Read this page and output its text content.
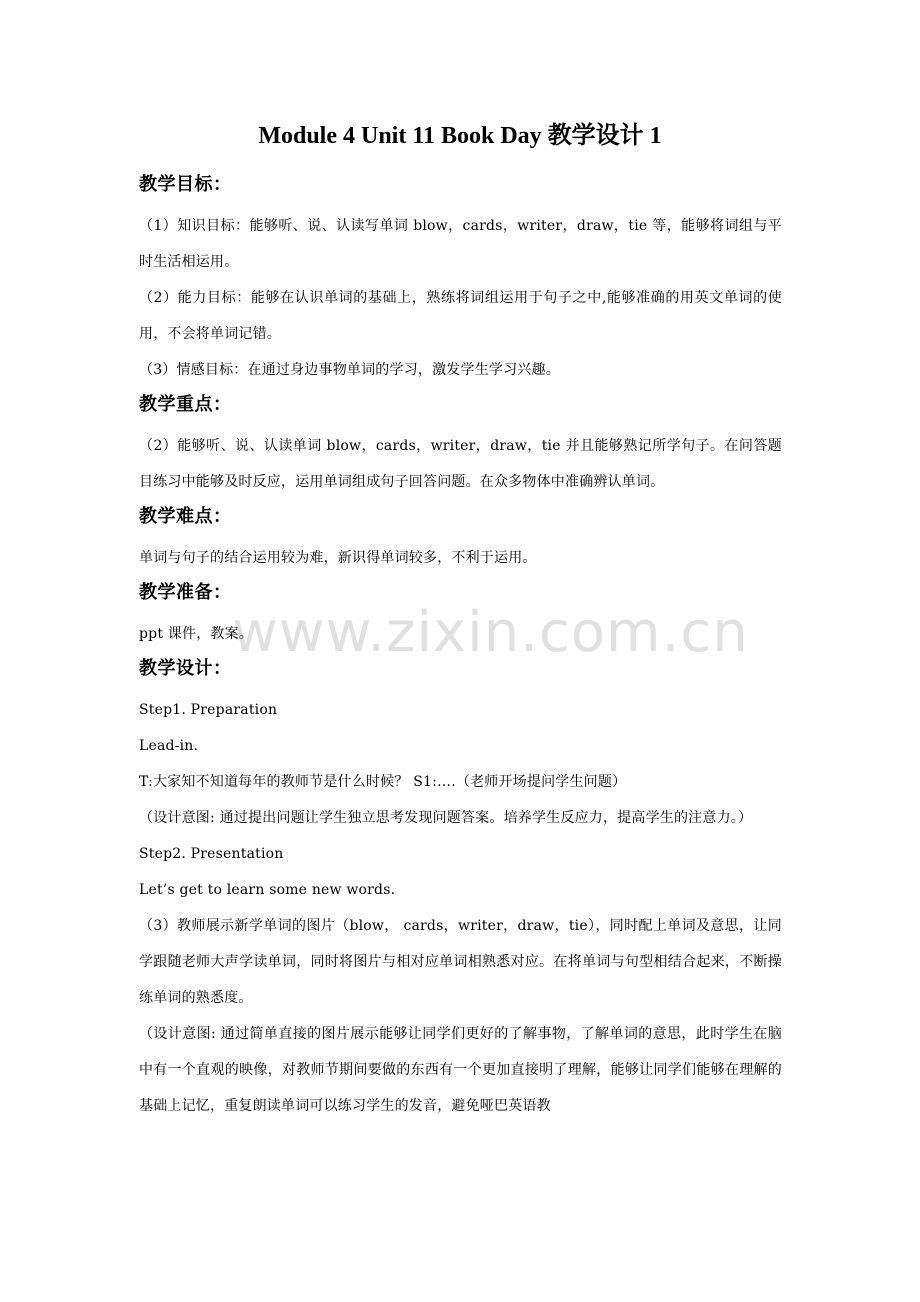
Module 4 Unit 11 Book Day 教学设计 1
www.zixin.com.cn
教学目标：

（1）知识目标：能够听、说、认读写单词 blow，cards，writer，draw，tie 等，能够将词组与平时生活相运用。

（2）能力目标：能够在认识单词的基础上，熟练将词组运用于句子之中,能够准确的用英文单词的使用，不会将单词记错。

（3）情感目标：在通过身边事物单词的学习，激发学生学习兴趣。

教学重点：

（2）能够听、说、认读单词 blow，cards，writer，draw，tie 并且能够熟记所学句子。在问答题目练习中能够及时反应，运用单词组成句子回答问题。在众多物体中准确辨认单词。

教学难点：

单词与句子的结合运用较为难，新识得单词较多，不利于运用。

教学准备：

ppt 课件，教案。

教学设计：

Step1. Preparation

Lead-in.

T:大家知不知道每年的教师节是什么时候？ S1:….（老师开场提问学生问题）

（设计意图: 通过提出问题让学生独立思考发现问题答案。培养学生反应力，提高学生的注意力。）

Step2. Presentation

Let’s get to learn some new words.

（3）教师展示新学单词的图片（blow， cards，writer，draw，tie），同时配上单词及意思，让同学跟随老师大声学读单词，同时将图片与相对应单词相熟悉对应。在将单词与句型相结合起来，不断操练单词的熟悉度。

（设计意图: 通过简单直接的图片展示能够让同学们更好的了解事物，了解单词的意思，此时学生在脑中有一个直观的映像，对教师节期间要做的东西有一个更加直接明了理解，能够让同学们能够在理解的基础上记忆，重复朗读单词可以练习学生的发音，避免哑巴英语教
